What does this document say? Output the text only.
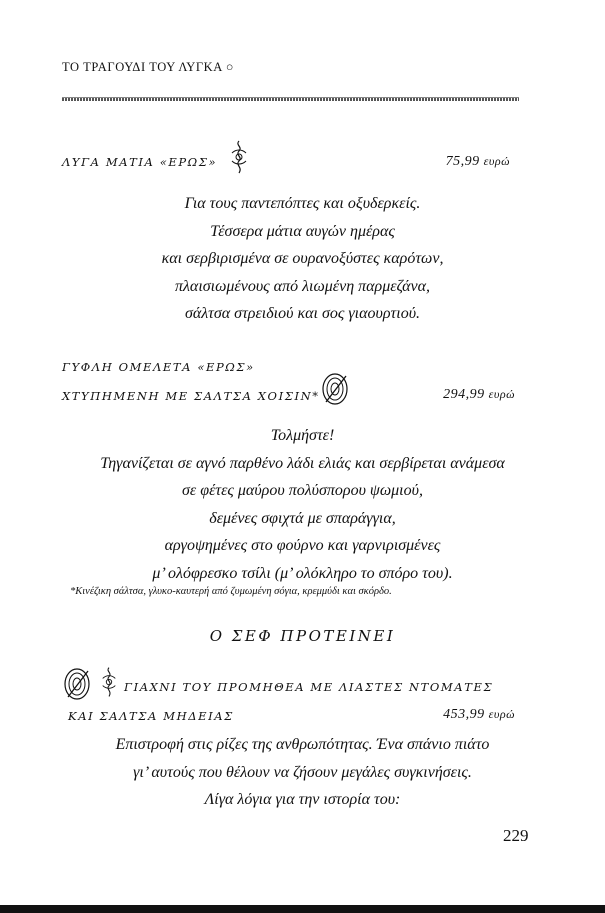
ΤΟ ΤΡΑΓΟΥΔΙ ΤΟΥ ΛΥΓΚΑ ○
ΛΥΓΑ ΜΑΤΙΑ «ΕΡΩΣ»	75,99 ευρώ
Για τους παντεπόπτες και οξυδερκείς.
Τέσσερα μάτια αυγών ημέρας
και σερβιρισμένα σε ουρανοξύστες καρότων,
πλαισιωμένους από λιωμένη παρμεζάνα,
σάλτσα στρειδιού και σος γιαουρτιού.
ΓΥΦΛΗ ΟΜΕΛΕΤΑ «ΕΡΩΣ»
ΧΤΥΠΗΜΕΝΗ ΜΕ ΣΑΛΤΣΑ ΧΟΙΣΙΝ*	294,99 ευρώ
Τολμήστε!
Τηγανίζεται σε αγνό παρθένο λάδι ελιάς και σερβίρεται ανάμεσα
σε φέτες μαύρου πολύσπορου ψωμιού,
δεμένες σφιχτά με σπαράγγια,
αργοψημένες στο φούρνο και γαρνιρισμένες
μ’ ολόφρεσκο τσίλι (μ’ ολόκληρο το σπόρο του).
*Κινέζικη σάλτσα, γλυκο-καυτερή από ζυμωμένη σόγια, κρεμμύδι και σκόρδο.
Ο ΣΕΦ ΠΡΟΤΕΙΝΕΙ
ΓΙΑΧΝΙ ΤΟΥ ΠΡΟΜΗΘΕΑ ΜΕ ΛΙΑΣΤΕΣ ΝΤΟΜΑΤΕΣ
ΚΑΙ ΣΑΛΤΣΑ ΜΗΔΕΙΑΣ	453,99 ευρώ
Επιστροφή στις ρίζες της ανθρωπότητας. Ένα σπάνιο πιάτο
γι’ αυτούς που θέλουν να ζήσουν μεγάλες συγκινήσεις.
Λίγα λόγια για την ιστορία του:
229
